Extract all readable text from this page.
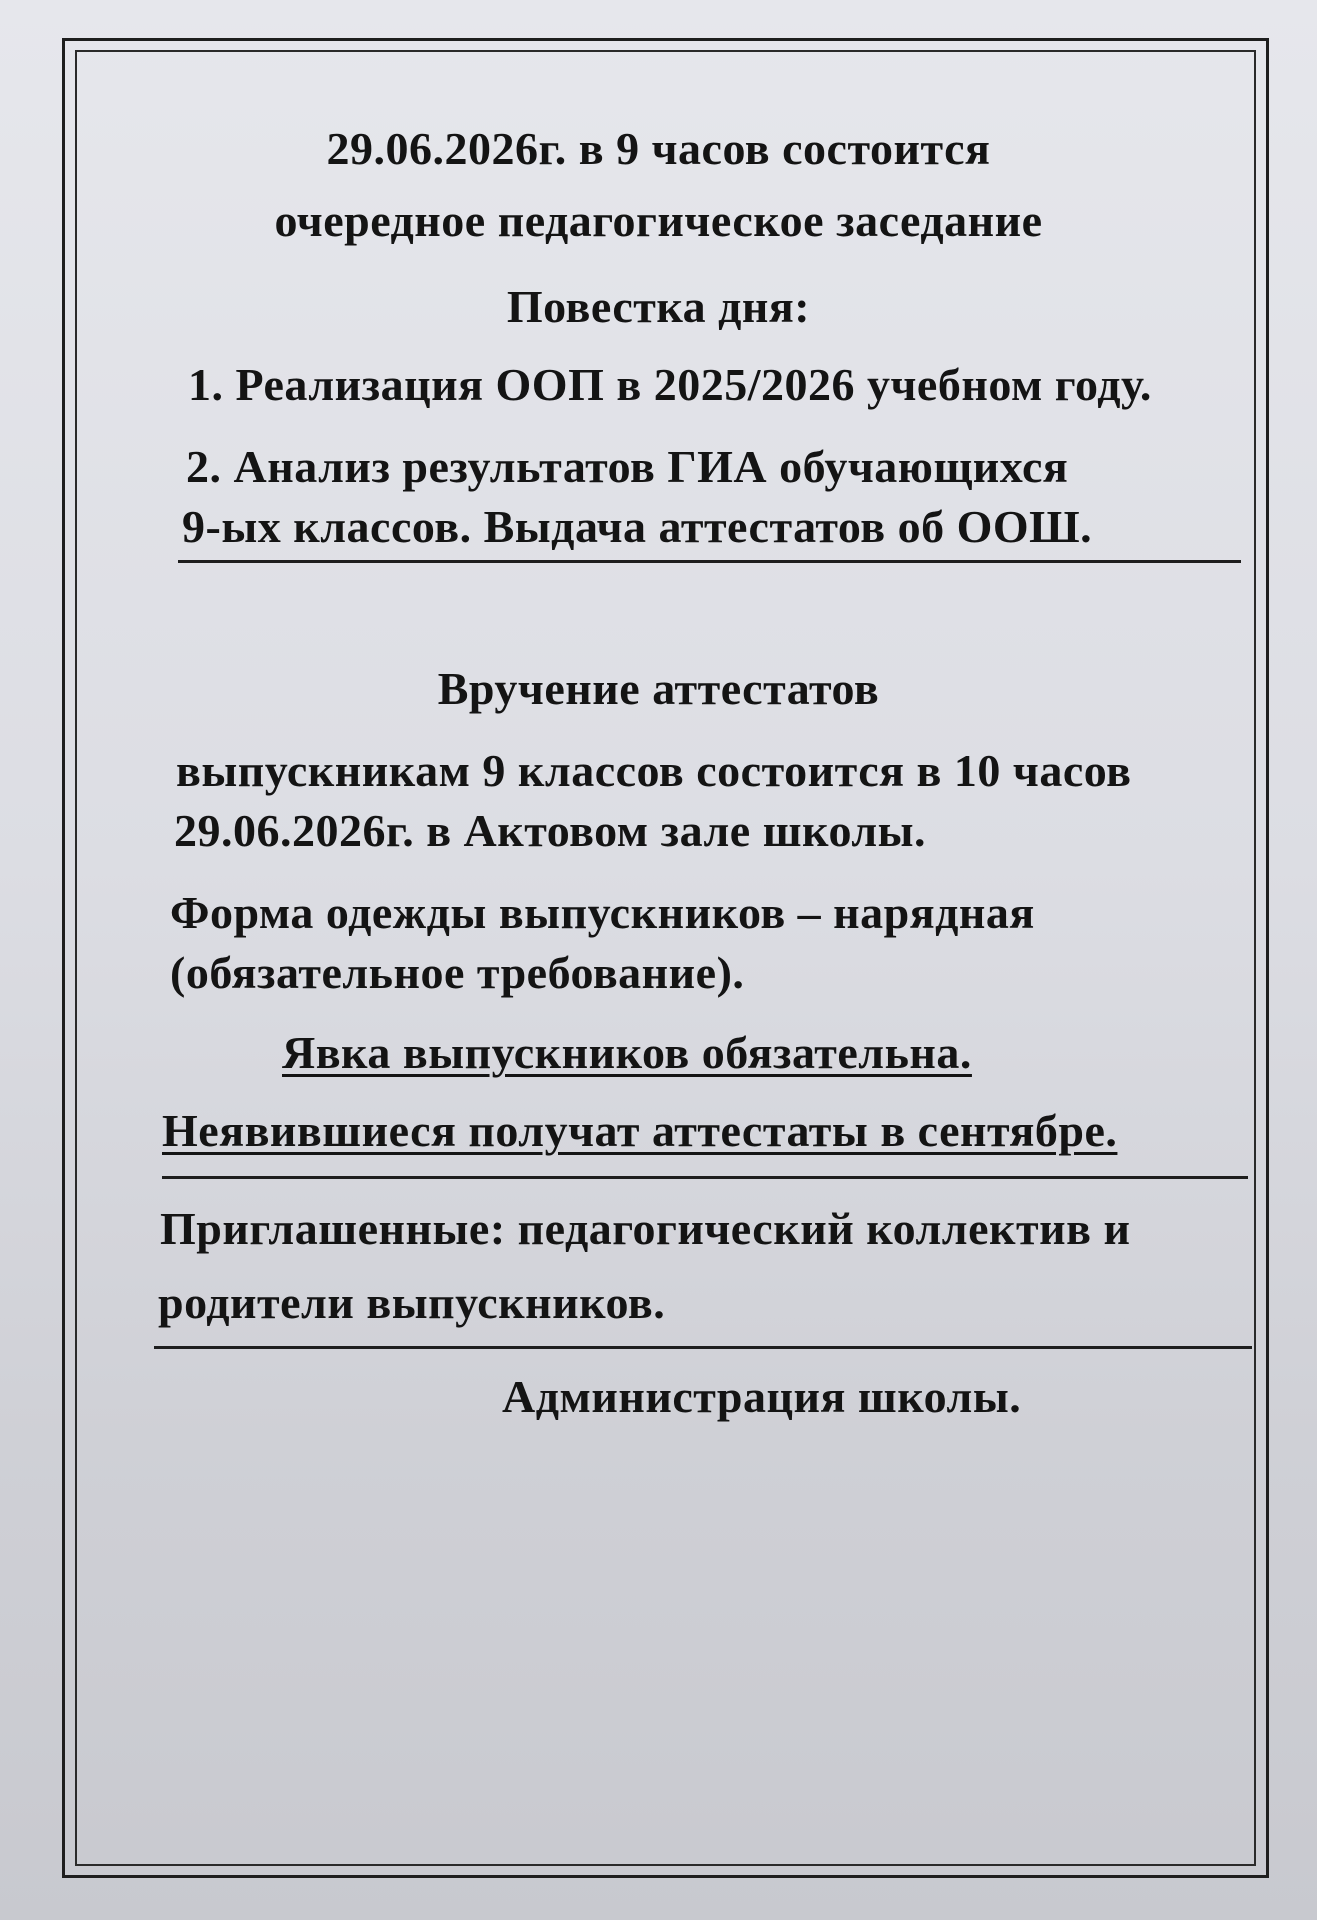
29.06.2026г. в 9 часов состоится
очередное педагогическое заседание
Повестка дня:
1. Реализация ООП в 2025/2026 учебном году.
2. Анализ результатов ГИА обучающихся
9-ых классов. Выдача аттестатов об ООШ.
Вручение аттестатов
выпускникам 9 классов состоится в 10 часов
29.06.2026г. в Актовом зале школы.
Форма одежды выпускников – нарядная
(обязательное требование).
Явка выпускников обязательна.
Неявившиеся получат аттестаты в сентябре.
Приглашенные: педагогический коллектив и
родители выпускников.
Администрация школы.
